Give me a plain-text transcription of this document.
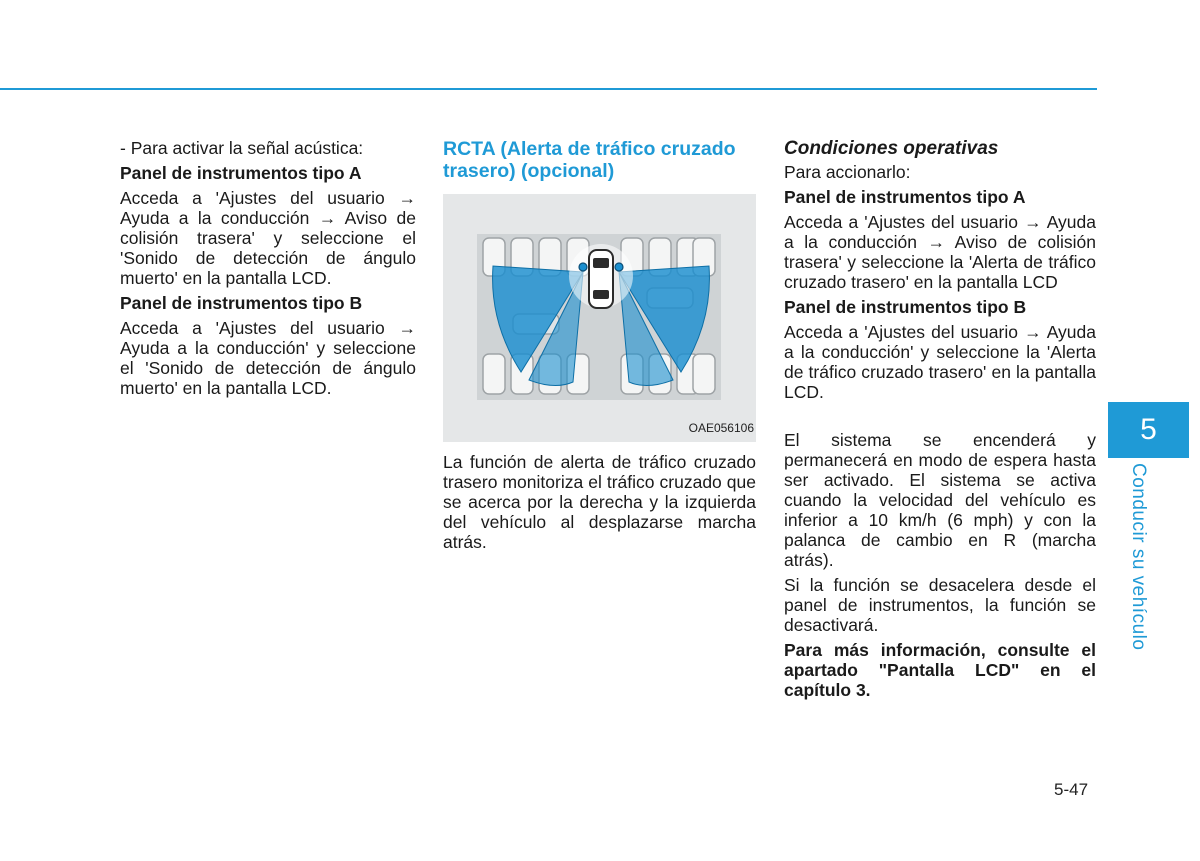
- Para activar la señal acústica:

Panel de instrumentos tipo A

Acceda a 'Ajustes del usuario → Ayuda a la conducción → Aviso de colisión trasera' y seleccione el 'Sonido de detección de ángulo muerto' en la pantalla LCD.

Panel de instrumentos tipo B

Acceda a 'Ajustes del usuario → Ayuda a la conducción' y seleccione el 'Sonido de detección de ángulo muerto' en la pantalla LCD.

RCTA (Alerta de tráfico cruzado trasero) (opcional)
OAE056106

La función de alerta de tráfico cruzado trasero monitoriza el tráfico cruzado que se acerca por la derecha y la izquierda del vehículo al desplazarse marcha atrás.

Condiciones operativas

Para accionarlo:

Panel de instrumentos tipo A

Acceda a 'Ajustes del usuario → Ayuda a la conducción → Aviso de colisión trasera' y seleccione la 'Alerta de tráfico cruzado trasero' en la pantalla LCD

Panel de instrumentos tipo B

Acceda a 'Ajustes del usuario → Ayuda a la conducción' y seleccione la 'Alerta de tráfico cruzado trasero' en la pantalla LCD.

El sistema se encenderá y permanecerá en modo de espera hasta ser activado. El sistema se activa cuando la velocidad del vehículo es inferior a 10 km/h (6 mph) y con la palanca de cambio en R (marcha atrás).

Si la función se desacelera desde el panel de instrumentos, la función se desactivará.

Para más información, consulte el apartado "Pantalla LCD" en el capítulo 3.

5
Conducir su vehículo
5-47
